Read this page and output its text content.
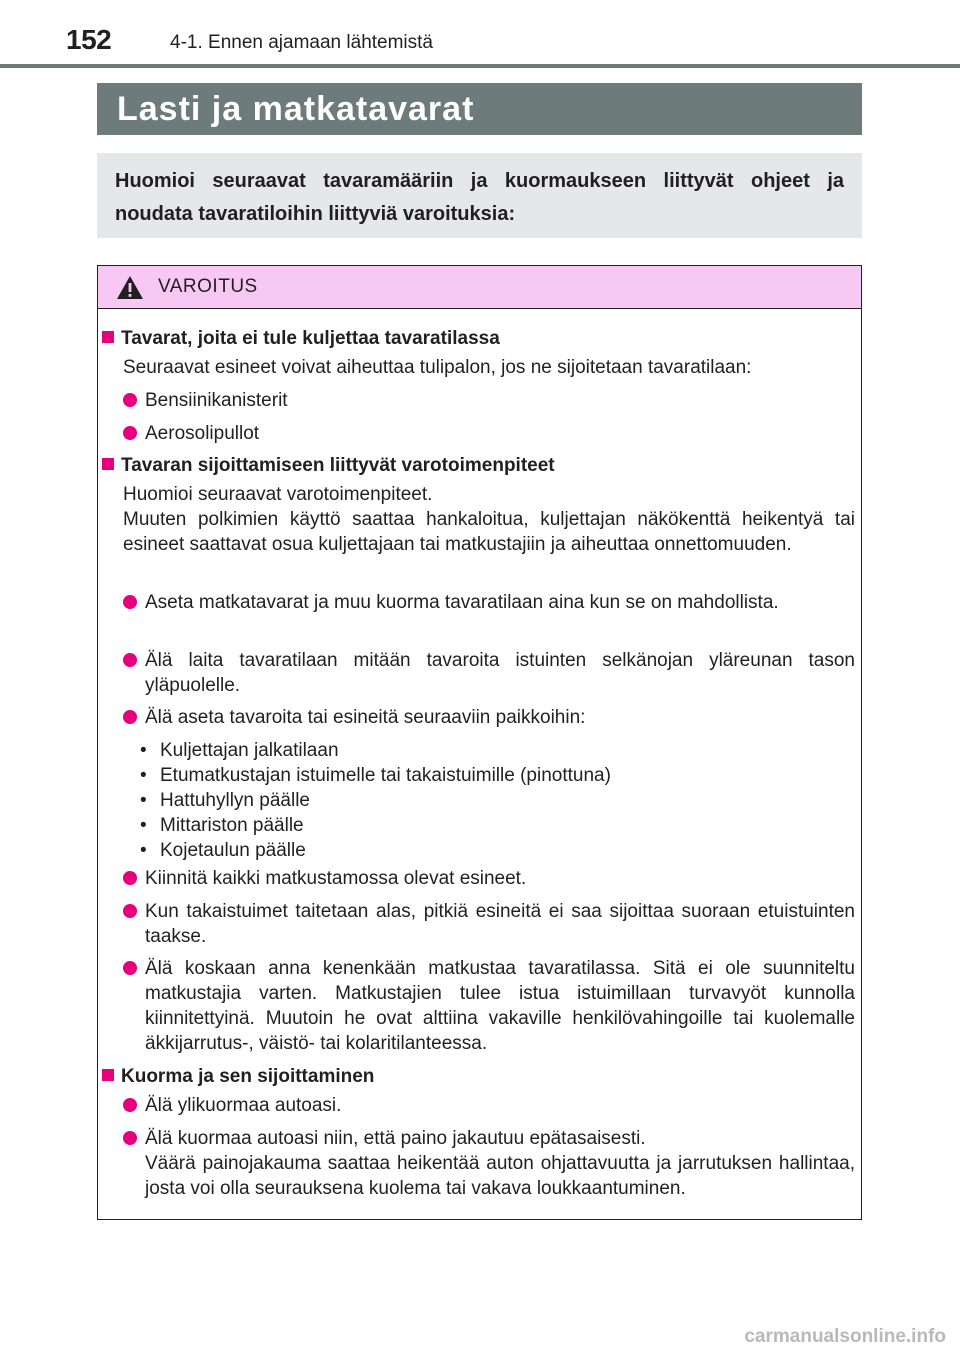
152	4-1. Ennen ajamaan lähtemistä
Lasti ja matkatavarat
Huomioi seuraavat tavaramääriin ja kuormaukseen liittyvät ohjeet ja noudata tavaratiloihin liittyviä varoituksia:
VAROITUS
Tavarat, joita ei tule kuljettaa tavaratilassa
Seuraavat esineet voivat aiheuttaa tulipalon, jos ne sijoitetaan tavaratilaan:
Bensiinikanisterit
Aerosolipullot
Tavaran sijoittamiseen liittyvät varotoimenpiteet
Huomioi seuraavat varotoimenpiteet.
Muuten polkimien käyttö saattaa hankaloitua, kuljettajan näkökenttä heikentyä tai esineet saattavat osua kuljettajaan tai matkustajiin ja aiheuttaa onnettomuuden.
Aseta matkatavarat ja muu kuorma tavaratilaan aina kun se on mahdollista.
Älä laita tavaratilaan mitään tavaroita istuinten selkänojan yläreunan tason yläpuolelle.
Älä aseta tavaroita tai esineitä seuraaviin paikkoihin:
• Kuljettajan jalkatilaan
• Etumatkustajan istuimelle tai takaistuimille (pinottuna)
• Hattuhyllyn päälle
• Mittariston päälle
• Kojetaulun päälle
Kiinnitä kaikki matkustamossa olevat esineet.
Kun takaistuimet taitetaan alas, pitkiä esineitä ei saa sijoittaa suoraan etuistuinten taakse.
Älä koskaan anna kenenkään matkustaa tavaratilassa. Sitä ei ole suunniteltu matkustajia varten. Matkustajien tulee istua istuimillaan turvavyöt kunnolla kiinnitettyinä. Muutoin he ovat alttiina vakaville henkilövahingoille tai kuolemalle äkkijarrutus-, väistö- tai kolaritilanteessa.
Kuorma ja sen sijoittaminen
Älä ylikuormaa autoasi.
Älä kuormaa autoasi niin, että paino jakautuu epätasaisesti.
Väärä painojakauma saattaa heikentää auton ohjattavuutta ja jarrutuksen hallintaa, josta voi olla seurauksena kuolema tai vakava loukkaantuminen.
carmanualsonline.info
